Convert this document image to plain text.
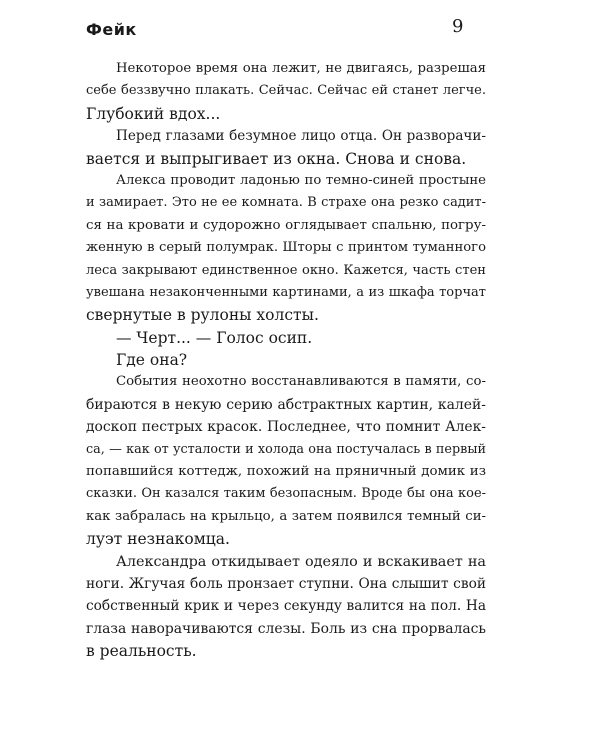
Фейк	9
Некоторое время она лежит, не двигаясь, разрешая
себе беззвучно плакать. Сейчас. Сейчас ей станет легче.
Глубокий вдох...
Перед глазами безумное лицо отца. Он разворачи-
вается и выпрыгивает из окна. Снова и снова.
Алекса проводит ладонью по темно-синей простыне
и замирает. Это не ее комната. В страхе она резко садит-
ся на кровати и судорожно оглядывает спальню, погру-
женную в серый полумрак. Шторы с принтом туманного
леса закрывают единственное окно. Кажется, часть стен
увешана незаконченными картинами, а из шкафа торчат
свернутые в рулоны холсты.
— Черт... — Голос осип.
Где она?
События неохотно восстанавливаются в памяти, со-
бираются в некую серию абстрактных картин, калей-
доскоп пестрых красок. Последнее, что помнит Алек-
са, — как от усталости и холода она постучалась в первый
попавшийся коттедж, похожий на пряничный домик из
сказки. Он казался таким безопасным. Вроде бы она кое-
как забралась на крыльцо, а затем появился темный си-
луэт незнакомца.
Александра откидывает одеяло и вскакивает на
ноги. Жгучая боль пронзает ступни. Она слышит свой
собственный крик и через секунду валится на пол. На
глаза наворачиваются слезы. Боль из сна прорвалась
в реальность.
